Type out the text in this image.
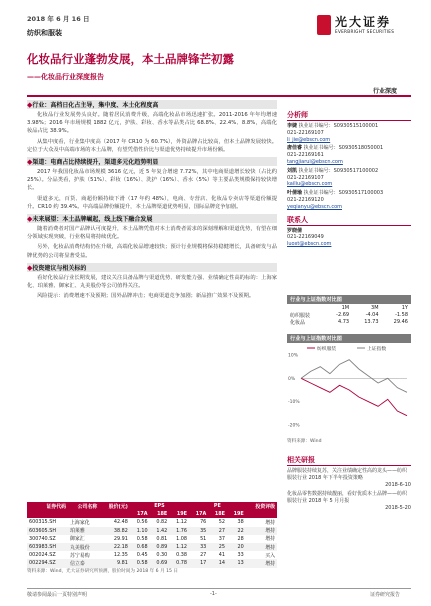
2018 年 6 月 16 日
纺织和服装
化妆品行业蓬勃发展，本土品牌锋芒初露
——化妆品行业深度报告
光大证券
EVERBRIGHT SECURITIES
行业深度
◆行业：高档日化占主导，集中度、本土化程度高
化妆品行业发展势头良好。随着居民消费升级，高端化妆品市场迅速扩张。2011-2016 年年均增速 3.98%；2016 年市场规模 1882 亿元，护肤、彩妆、香水等品类占比 68.8%、22.4%、8.8%，高端化妆品占比 38.9%。
从集中度看，行业集中度高（2017 年 CR10 为 60.7%），外资品牌占比较高，但本土品牌发展较快。定位于大众及中高端市场的本土品牌，有望凭借性价比与渠道优势持续提升市场份额。
◆渠道：电商占比持续提升，渠道多元化趋势明显
2017 年我国化妆品市场规模 3616 亿元，近 5 年复合增速 7.72%，其中电商渠道增长较快（占比约 25%）。分品类看，护肤（51%）、彩妆（16%）、洗护（16%）、香水（5%）等主要品类规模保持较快增长。
渠道多元，百货、商超份额持续下滑（17 年约 48%），电商、专营店、化妆品专卖店等渠道份额提升。CR10 约 39.4%。中高端品牌份额提升，本土品牌渠道优势明显，国际品牌竞争加剧。
◆未来展望：本土品牌崛起，线上线下融合发展
随着消费者对国产品牌认可度提升，本土品牌凭借对本土消费者需求的深刻理解和渠道优势，有望在细分领域实现突破，行业格局将持续优化。
另外，化妆品消费结构仍在升级，高端化妆品增速较快；预计行业规模将保持稳健增长，具备研发与品牌优势的公司将显著受益。
◆投资建议与相关标的
看好化妆品行业长期发展，建议关注具备品牌与渠道优势、研发能力强、业绩确定性高的标的：上海家化、珀莱雅、御家汇、丸美股份等公司值得关注。
风险提示：消费增速不及预期；国外品牌冲击；电商渠道竞争加剧；新品推广效果不及预期。
证券代码	公司名称	股价(元)	EPS			PE			投资评级
			17A	18E	19E	17A	18E	19E	
600315.SH	上海家化	42.48	0.56	0.82	1.12	76	52	38	增持
603605.SH	珀莱雅	38.82	1.10	1.42	1.76	35	27	22	增持
300740.SZ	御家汇	29.91	0.58	0.81	1.08	51	37	28	增持
603983.SH	丸美股份	22.18	0.68	0.89	1.12	33	25	20	增持
002024.SZ	苏宁易购	12.35	0.45	0.30	0.38	27	41	33	买入
002294.SZ	信立泰	9.81	0.58	0.69	0.78	17	14	13	增持
资料来源：Wind，光大证券研究所预测，股价时间为 2018 年 6 月 15 日
分析师
李婕 执业证书编号：S0930515100001
021-22169107
li_jie@ebscn.com
唐佳睿 执业证书编号：S0930518050001
021-22169161
tangjiarui@ebscn.com
刘凯 执业证书编号：S0930517100002
021-22169107
kailiu@ebscn.com
叶倩瑜 执业证书编号：S0930517100003
021-22169120
yeqianyu@ebscn.com
联系人
罗晓倩
021-22169049
luoxt@ebscn.com
行业与上证指数对比图
	1M	3M	1Y
纺织服装	-2.69	-4.04	-1.58
化妆品	4.73	13.73	29.46
行业与上证指数对比图
-20%
-10%
0%
10%
纺织服装	上证指数
资料来源：Wind
相关研报
品牌服装持续复苏，关注业绩确定性高的龙头——纺织服装行业 2018 年下半年投资策略
2018-6-10
化妆品零售数据持续靓丽，看好优质本土品牌——纺织服装行业 2018 年 5 月月报
2018-5-20
敬请参阅最后一页特别声明	-1-	证券研究报告
